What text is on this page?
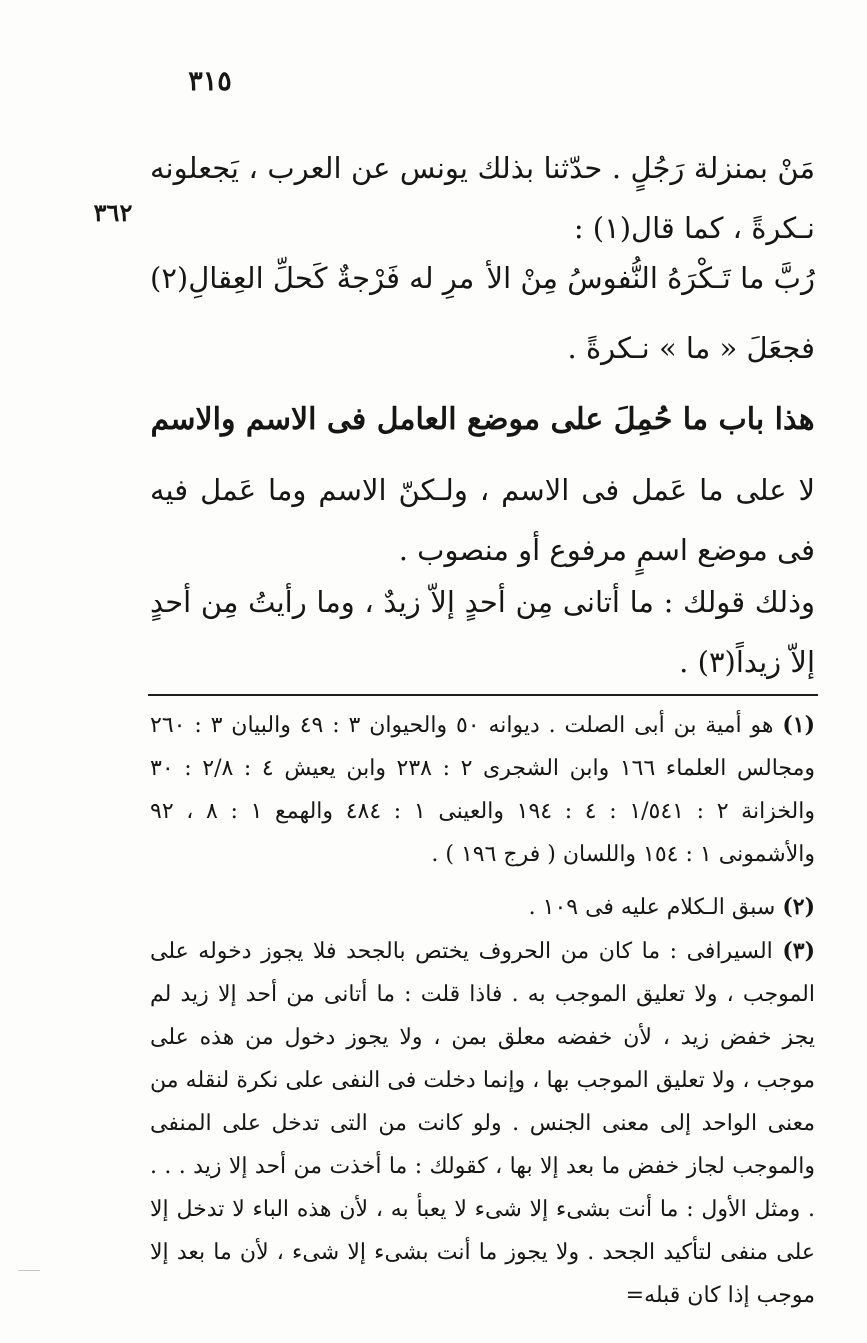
٣١٥
٣٦٢
مَنْ بمنزلة رَجُلٍ . حدّثنا بذلك يونس عن العرب ، يَجعلونه نـكرةً ، كما قال(١) :
رُبَّ ما تَـكْرَهُ النُّفوسُ مِنْ الأ
مرِ له فَرْجةٌ كَحلِّ العِقالِ(٢)
فجعَلَ « ما » نـكرةً .
هذا باب ما حُمِلَ على موضع العامل فى الاسم والاسم
لا على ما عَمل فى الاسم ، ولـكنّ الاسم وما عَمل فيه فى موضع اسمٍ مرفوع أو منصوب .
وذلك قولك : ما أتانى مِن أحدٍ إلاّ زيدٌ ، وما رأيتُ مِن أحدٍ إلاّ زيداً(٣) .
(١) هو أمية بن أبى الصلت . ديوانه ٥٠ والحيوان ٣ : ٤٩ والبيان ٣ : ٢٦٠ ومجالس العلماء ١٦٦ وابن الشجرى ٢ : ٢٣٨ وابن يعيش ٤ : ٢/٨ : ٣٠ والخزانة ٢ : ١/٥٤١ : ٤ : ١٩٤ والعينى ١ : ٤٨٤ والهمع ١ : ٨ ، ٩٢ والأشمونى ١ : ١٥٤ واللسان ( فرج ١٩٦ ) .
(٢) سبق الـكلام عليه فى ١٠٩ .
(٣) السيرافى : ما كان من الحروف يختص بالجحد فلا يجوز دخوله على الموجب ، ولا تعليق الموجب به . فاذا قلت : ما أتانى من أحد إلا زيد لم يجز خفض زيد ، لأن خفضه معلق بمن ، ولا يجوز دخول من هذه على موجب ، ولا تعليق الموجب بها ، وإنما دخلت فى النفى على نكرة لنقله من معنى الواحد إلى معنى الجنس . ولو كانت من التى تدخل على المنفى والموجب لجاز خفض ما بعد إلا بها ، كقولك : ما أخذت من أحد إلا زيد . . . . ومثل الأول : ما أنت بشىء إلا شىء لا يعبأ به ، لأن هذه الباء لا تدخل إلا على منفى لتأكيد الجحد . ولا يجوز ما أنت بشىء إلا شىء ، لأن ما بعد إلا موجب إذا كان قبله=
